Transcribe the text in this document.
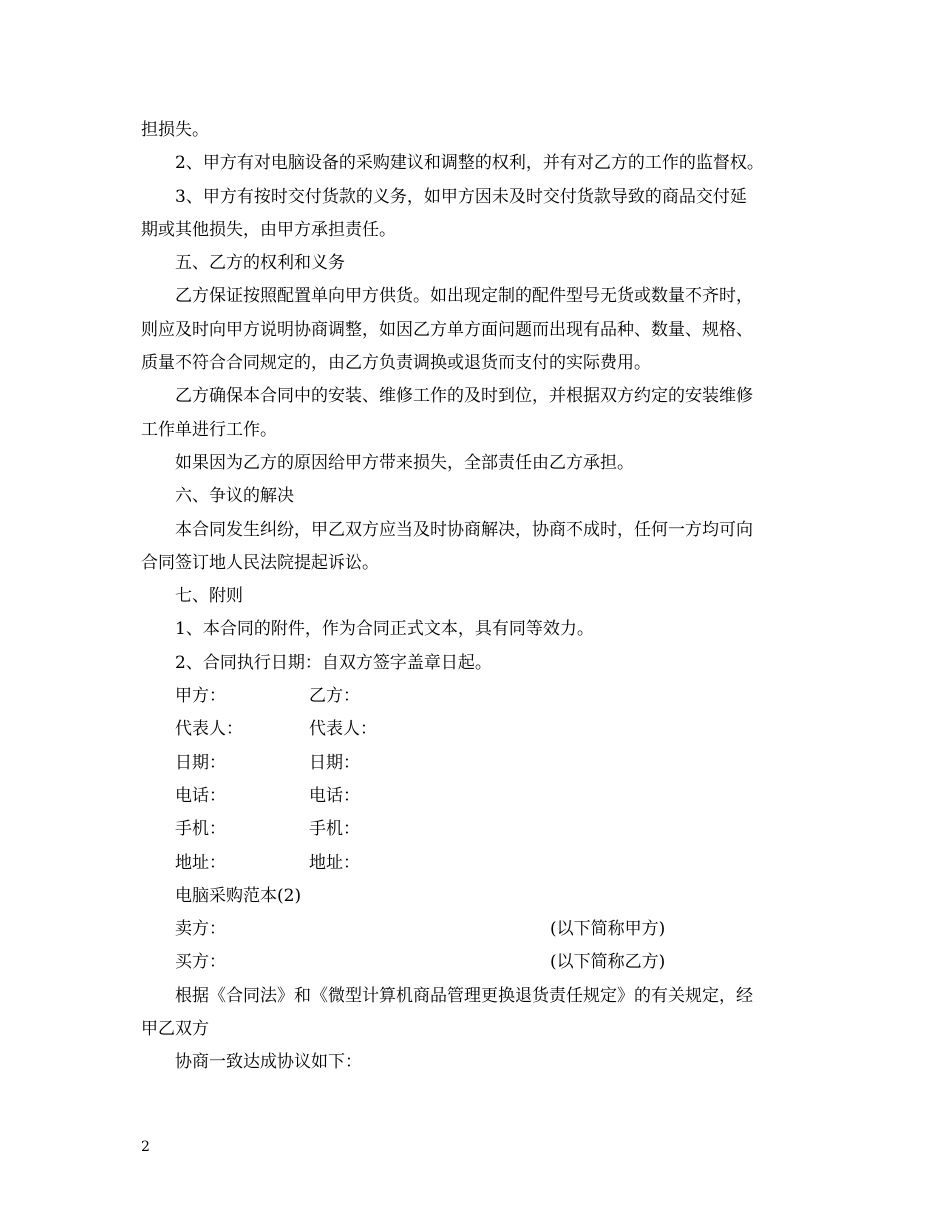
担损失。

2、甲方有对电脑设备的采购建议和调整的权利，并有对乙方的工作的监督权。

3、甲方有按时交付货款的义务，如甲方因未及时交付货款导致的商品交付延

期或其他损失，由甲方承担责任。

五、乙方的权利和义务

乙方保证按照配置单向甲方供货。如出现定制的配件型号无货或数量不齐时，

则应及时向甲方说明协商调整，如因乙方单方面问题而出现有品种、数量、规格、

质量不符合合同规定的，由乙方负责调换或退货而支付的实际费用。

乙方确保本合同中的安装、维修工作的及时到位，并根据双方约定的安装维修

工作单进行工作。

如果因为乙方的原因给甲方带来损失，全部责任由乙方承担。

六、争议的解决

本合同发生纠纷，甲乙双方应当及时协商解决，协商不成时，任何一方均可向

合同签订地人民法院提起诉讼。

七、附则

1、本合同的附件，作为合同正式文本，具有同等效力。

2、合同执行日期：自双方签字盖章日起。

甲方：	乙方：

代表人：	代表人：

日期：	日期：

电话：	电话：

手机：	手机：

地址：	地址：

电脑采购范本(2)

卖方：	(以下简称甲方)

买方：	(以下简称乙方)

根据《合同法》和《微型计算机商品管理更换退货责任规定》的有关规定，经

甲乙双方

协商一致达成协议如下：

2
